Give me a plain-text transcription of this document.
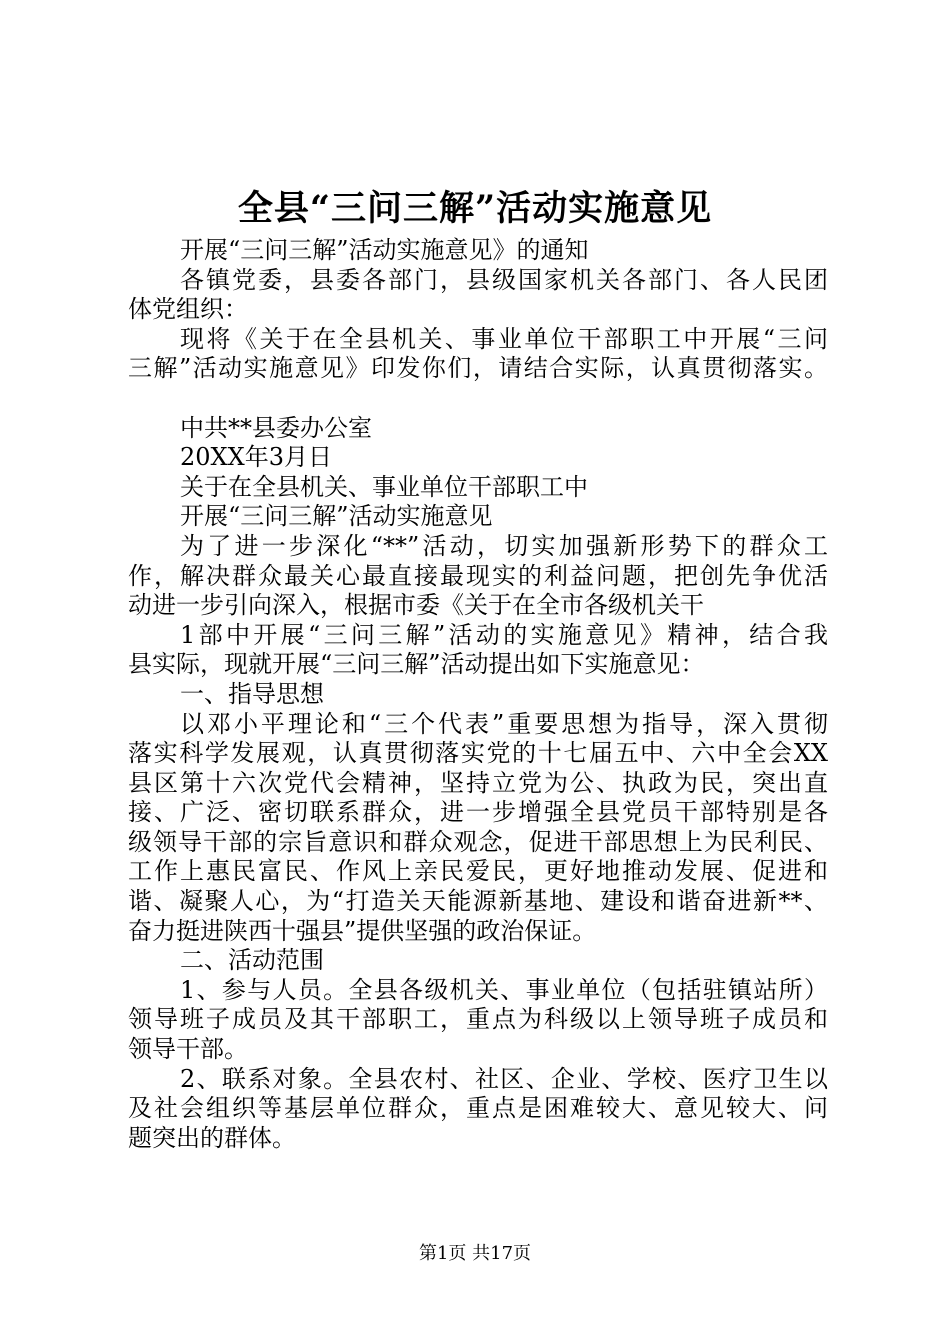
全县“三问三解”活动实施意见
开展“三问三解”活动实施意见》的通知
各镇党委，县委各部门，县级国家机关各部门、各人民团
体党组织：
现将《关于在全县机关、事业单位干部职工中开展“三问
三解”活动实施意见》印发你们，请结合实际，认真贯彻落实。
中共**县委办公室
20XX年3月日
关于在全县机关、事业单位干部职工中
开展“三问三解”活动实施意见
为了进一步深化“**”活动，切实加强新形势下的群众工
作，解决群众最关心最直接最现实的利益问题，把创先争优活
动进一步引向深入，根据市委《关于在全市各级机关干
1部中开展“三问三解”活动的实施意见》精神，结合我
县实际，现就开展“三问三解”活动提出如下实施意见：
一、指导思想
以邓小平理论和“三个代表”重要思想为指导，深入贯彻
落实科学发展观，认真贯彻落实党的十七届五中、六中全会XX
县区第十六次党代会精神，坚持立党为公、执政为民，突出直
接、广泛、密切联系群众，进一步增强全县党员干部特别是各
级领导干部的宗旨意识和群众观念，促进干部思想上为民利民、
工作上惠民富民、作风上亲民爱民，更好地推动发展、促进和
谐、凝聚人心，为“打造关天能源新基地、建设和谐奋进新**、
奋力挺进陕西十强县”提供坚强的政治保证。
二、活动范围
1、参与人员。全县各级机关、事业单位（包括驻镇站所）
领导班子成员及其干部职工，重点为科级以上领导班子成员和
领导干部。
2、联系对象。全县农村、社区、企业、学校、医疗卫生以
及社会组织等基层单位群众，重点是困难较大、意见较大、问
题突出的群体。
第1页 共17页
